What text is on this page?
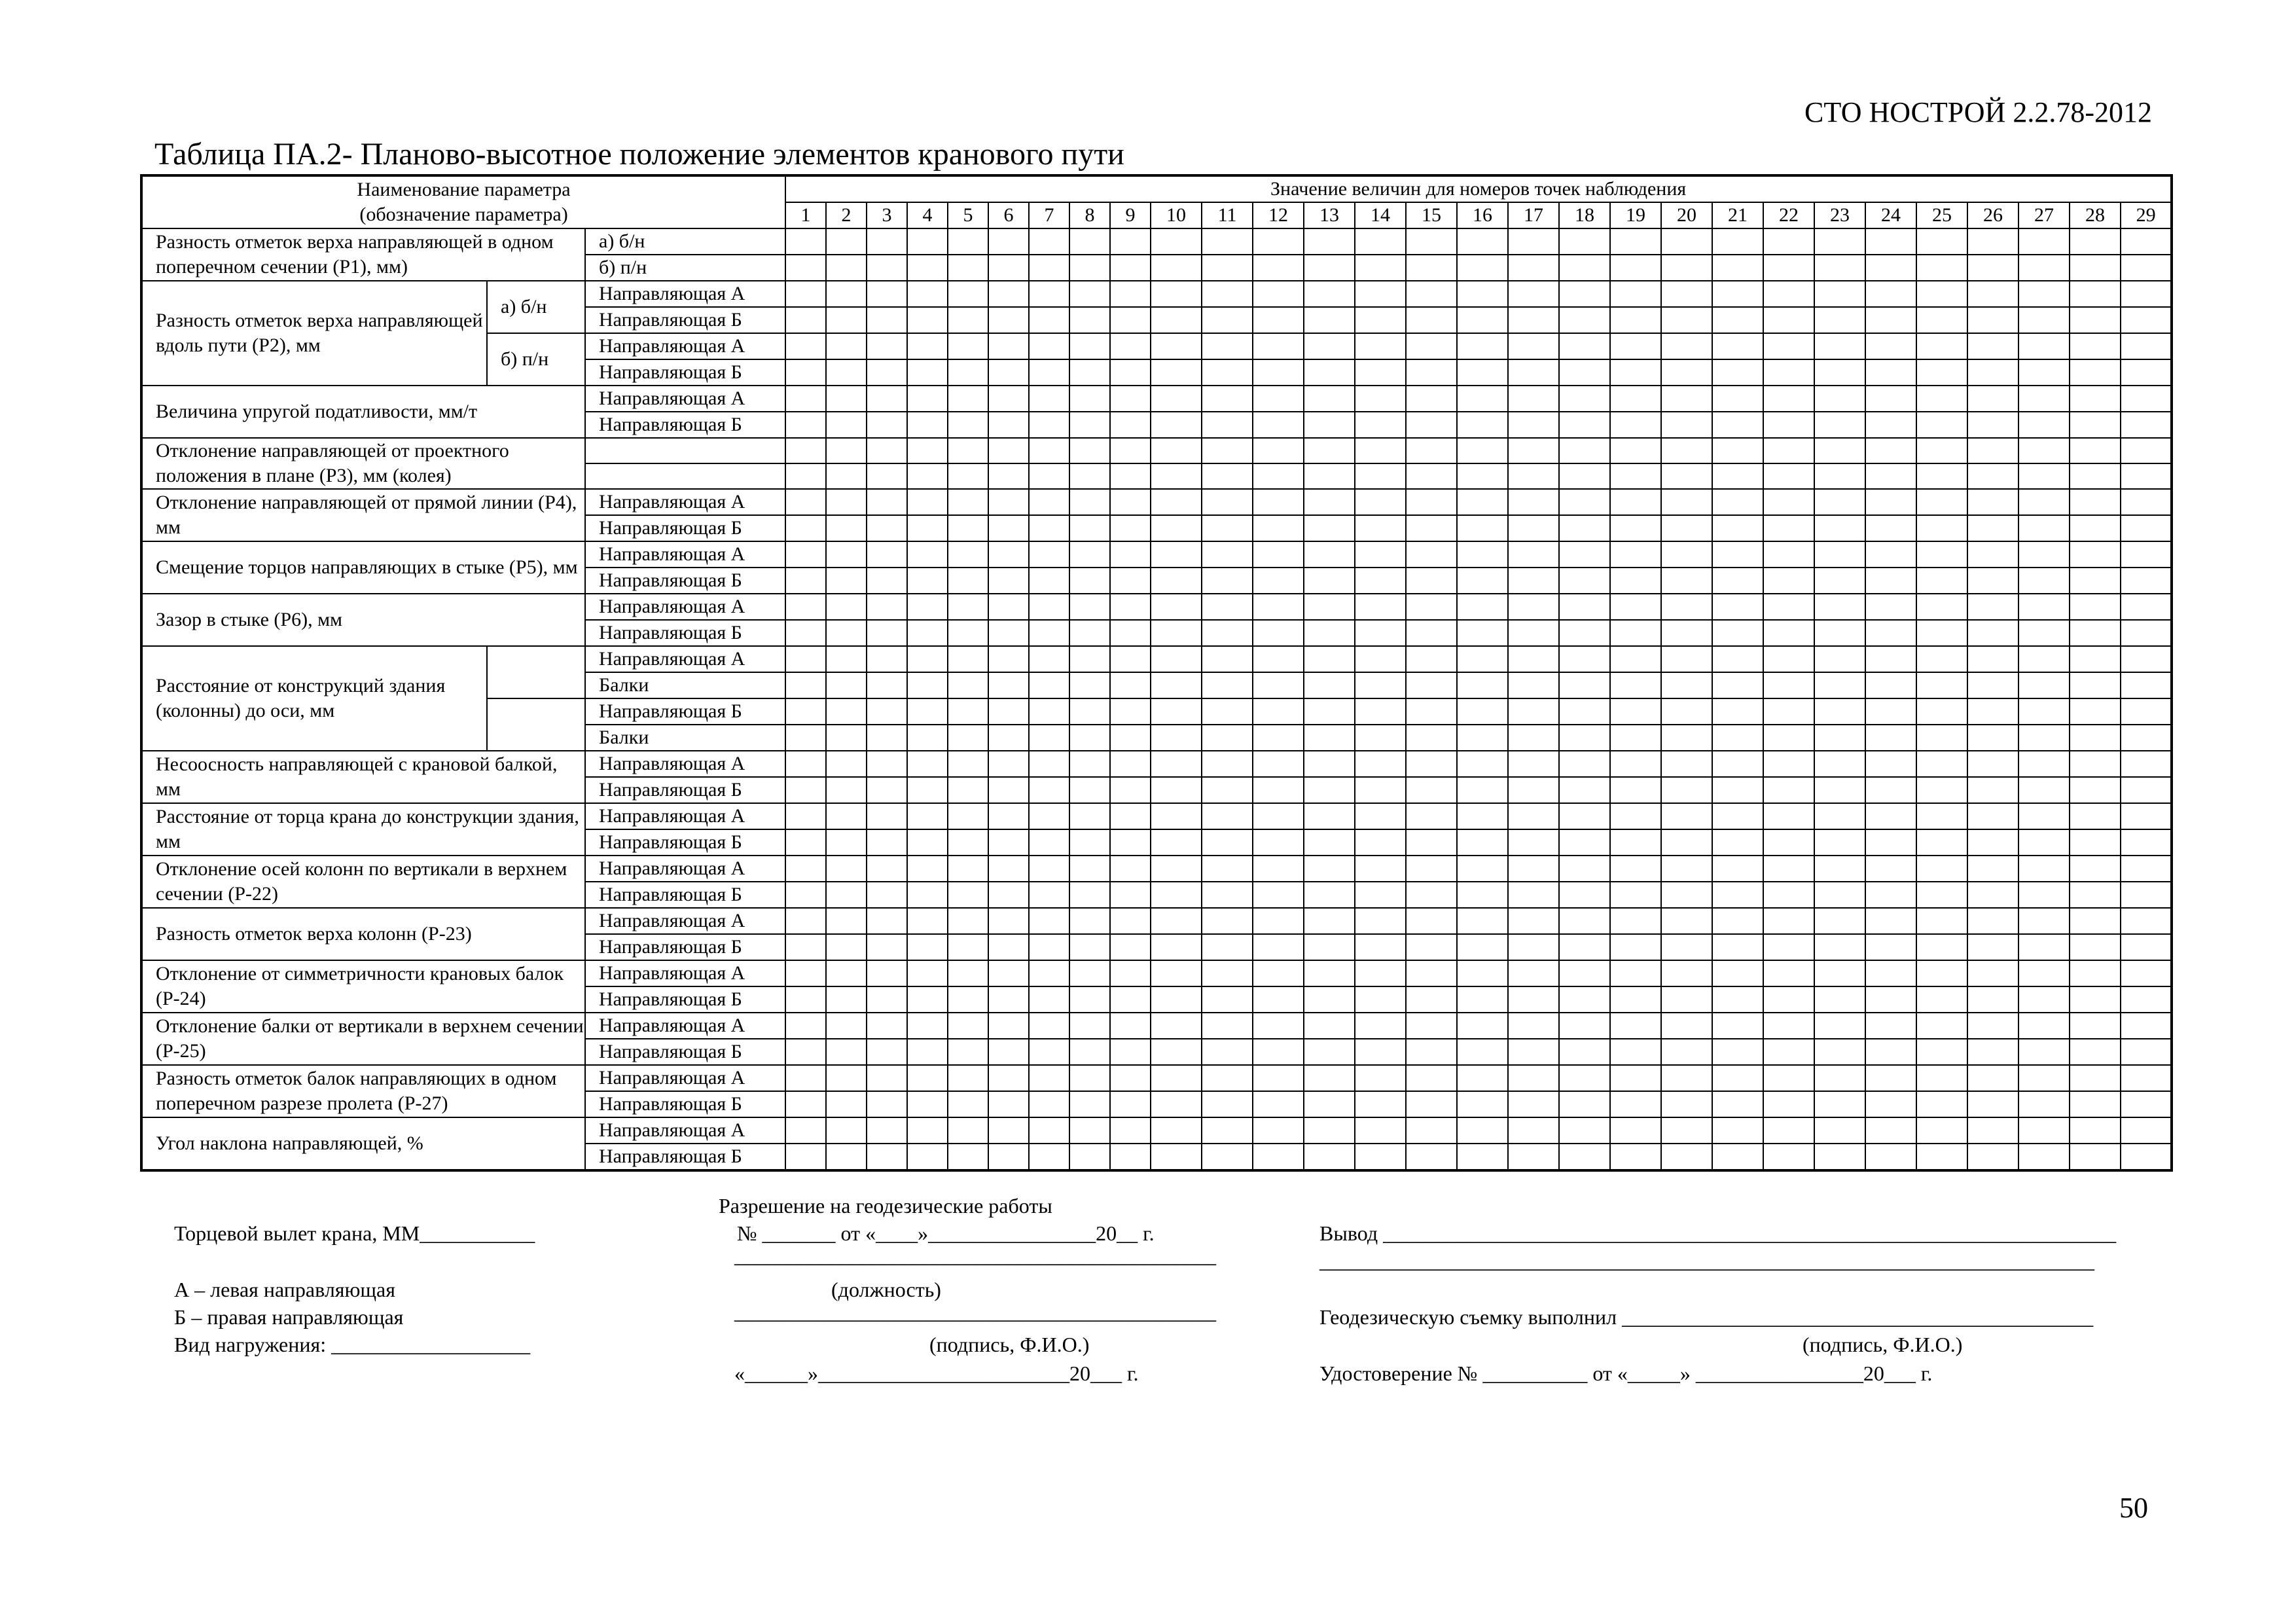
СТО НОСТРОЙ 2.2.78-2012
Таблица ПА.2- Планово-высотное положение элементов кранового пути
Наименование параметра
(обозначение параметра)			Значение величин для номеров точек наблюдения																												
			1	2	3	4	5	6	7	8	9	10	11	12	13	14	15	16	17	18	19	20	21	22	23	24	25	26	27	28	29
Разность отметок верха направляющей в одном поперечном сечении (Р1), мм)		а) б/н																													
		б) п/н																													
Разность отметок верха направляющей вдоль пути (Р2), мм	а) б/н	Направляющая А																													
		Направляющая Б																													
	б) п/н	Направляющая А																													
		Направляющая Б																													
Величина упругой податливости, мм/т		Направляющая А																													
		Направляющая Б																													
Отклонение направляющей от проектного положения в плане (Р3), мм (колея)																															

Отклонение направляющей от прямой линии (Р4), мм		Направляющая А																													
		Направляющая Б																													
Смещение торцов направляющих в стыке (Р5), мм		Направляющая А																													
		Направляющая Б																													
Зазор в стыке (Р6), мм		Направляющая А																													
		Направляющая Б																													
Расстояние от конструкций здания (колонны) до оси, мм		Направляющая А																													
		Балки																													
		Направляющая Б																													
		Балки																													
Несоосность направляющей с крановой балкой, мм		Направляющая А																													
		Направляющая Б																													
Расстояние от торца крана до конструкции здания, мм		Направляющая А																													
		Направляющая Б																													
Отклонение осей колонн по вертикали в верхнем сечении (Р-22)		Направляющая А																													
		Направляющая Б																													
Разность отметок верха колонн (Р-23)		Направляющая А																													
		Направляющая Б																													
Отклонение от симметричности крановых балок (Р-24)		Направляющая А																													
		Направляющая Б																													
Отклонение балки от вертикали в верхнем сечении (Р-25)		Направляющая А																													
		Направляющая Б																													
Разность отметок балок направляющих в одном поперечном разрезе пролета (Р-27)		Направляющая А																													
		Направляющая Б																													
Угол наклона направляющей, %		Направляющая А																													
		Направляющая Б																													
Торцевой вылет крана, ММ___________
А – левая направляющая
Б – правая направляющая
Вид нагружения: ___________________
Разрешение на геодезические работы
№ _______ от «____»________________20__ г.
______________________________________________
(должность)
______________________________________________
(подпись, Ф.И.О.)
«______»________________________20___ г.
Вывод ______________________________________________________________________
__________________________________________________________________________
Геодезическую съемку выполнил _____________________________________________
(подпись, Ф.И.О.)
Удостоверение № __________ от «_____» ________________20___ г.
50
